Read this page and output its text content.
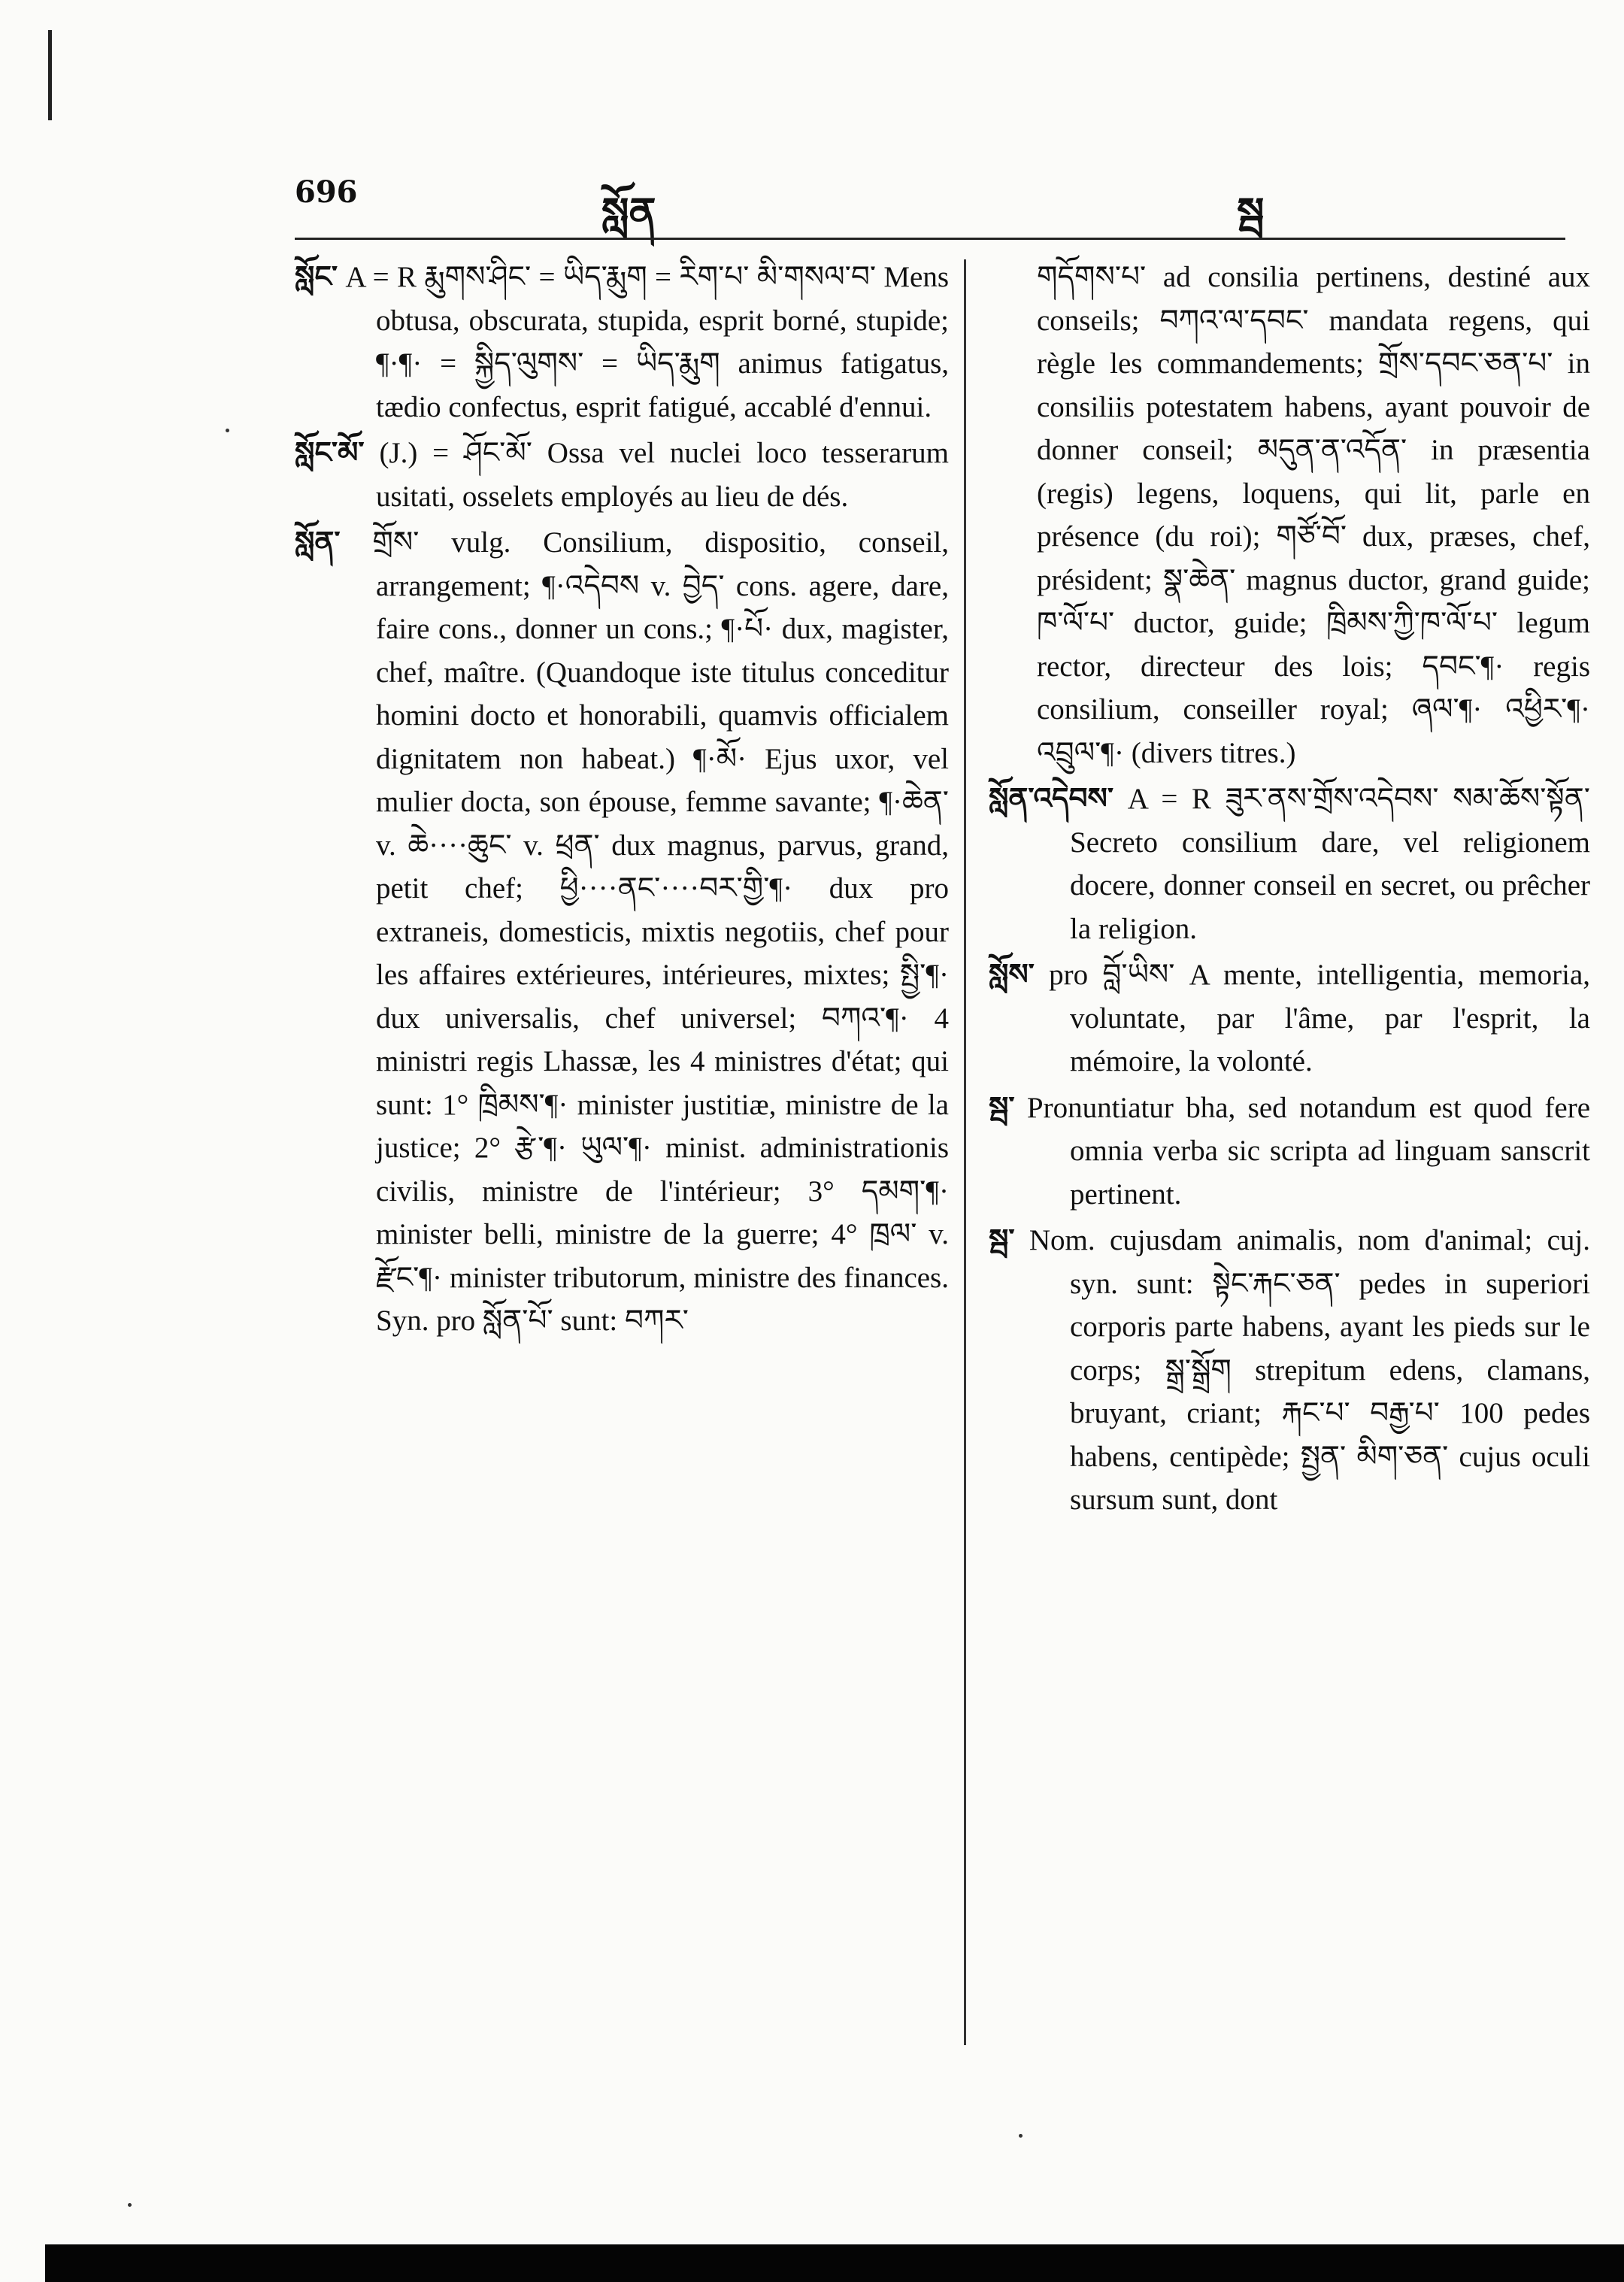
696	སློན	སྦ

སློང་ A = R རྨུགས་ཤིང་ = ཡིད་རྨུག = རིག་པ་ མི་གསལ་བ་ Mens obtusa, obscurata, stupida, esprit borné, stupide; ¶·¶· = སྐྱིད་ལུགས་ = ཡིད་རྨུག animus fatigatus, tædio confectus, esprit fatigué, accablé d'ennui.

སློང་མོ་ (J.) = ཤོང་མོ་ Ossa vel nuclei loco tesserarum usitati, osselets employés au lieu de dés.

སློན་ གྲོས་ vulg. Consilium, dispositio, conseil, arrangement; ¶·འདེབས v. བྱེད་ cons. agere, dare, faire cons., donner un cons.; ¶·པོ· dux, magister, chef, maître. (Quandoque iste titulus conceditur homini docto et honorabili, quamvis officialem dignitatem non habeat.) ¶·མོ· Ejus uxor, vel mulier docta, son épouse, femme savante; ¶·ཆེན་ v. ཆེ····ཆུང་ v. ཕྲན་ dux magnus, parvus, grand, petit chef; ཕྱི····ནང་····བར་གྱི་¶· dux pro extraneis, domesticis, mixtis negotiis, chef pour les affaires extérieures, intérieures, mixtes; སྤྱི་¶· dux universalis, chef universel; བཀའ་¶· 4 ministri regis Lhassæ, les 4 ministres d'état; qui sunt: 1° ཁྲིམས་¶· minister justitiæ, ministre de la justice; 2° རྩེ་¶· ཡུལ་¶· minist. administrationis civilis, ministre de l'intérieur; 3° དམག་¶· minister belli, ministre de la guerre; 4° ཁྲལ་ v. རྫོང་¶· minister tributorum, ministre des finances. Syn. pro སློན་པོ་ sunt: བཀར་

གདོགས་པ་ ad consilia pertinens, destiné aux conseils; བཀའ་ལ་དབང་ mandata regens, qui règle les commandements; གྲོས་དབང་ཅན་པ་ in consiliis potestatem habens, ayant pouvoir de donner conseil; མདུན་ན་འདོན་ in præsentia (regis) legens, loquens, qui lit, parle en présence (du roi); གཙོ་བོ་ dux, præses, chef, président; སྣ་ཆེན་ magnus ductor, grand guide; ཁ་ལོ་པ་ ductor, guide; ཁྲིམས་ཀྱི་ཁ་ལོ་པ་ legum rector, directeur des lois; དབང་¶· regis consilium, conseiller royal; ཞལ་¶· འཕྱིར་¶· འབྲུལ་¶· (divers titres.)

སློན་འདེབས་ A = R ཟུར་ནས་གྲོས་འདེབས་ སམ་ཆོས་སྟོན་ Secreto consilium dare, vel religionem docere, donner conseil en secret, ou prêcher la religion.

སློས་ pro བློ་ཡིས་ A mente, intelligentia, memoria, voluntate, par l'âme, par l'esprit, la mémoire, la volonté.

སྦ་ Pronuntiatur bha, sed notandum est quod fere omnia verba sic scripta ad linguam sanscrit pertinent.

སྦ་ Nom. cujusdam animalis, nom d'animal; cuj. syn. sunt: སྟེང་རྐང་ཅན་ pedes in superiori corporis parte habens, ayant les pieds sur le corps; སྒྲ་སྒྲོག strepitum edens, clamans, bruyant, criant; རྐང་པ་ བརྒྱ་པ་ 100 pedes habens, centipède; སྤྱན་ མིག་ཅན་ cujus oculi sursum sunt, dont
